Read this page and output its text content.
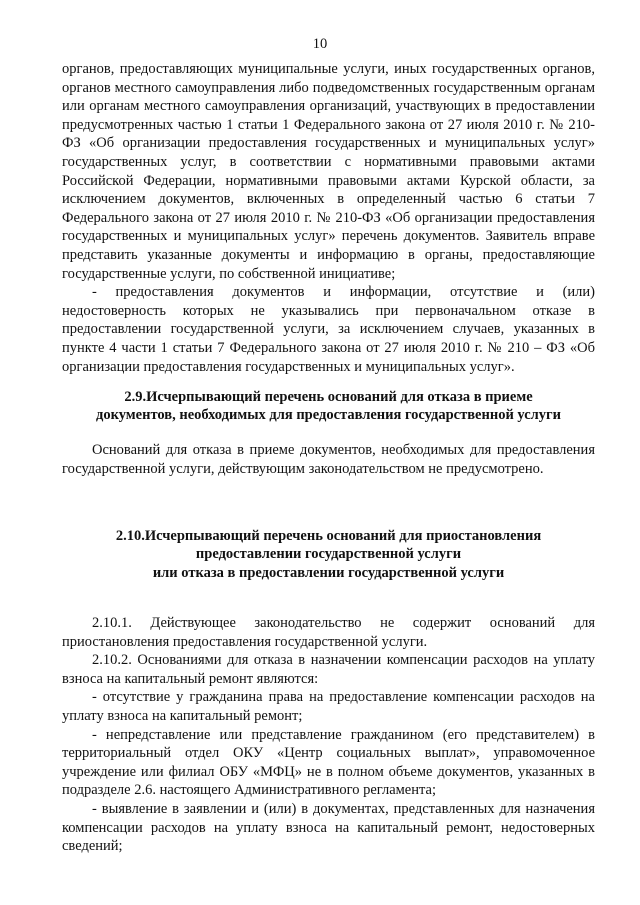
10

органов, предоставляющих муниципальные услуги, иных государственных органов, органов местного самоуправления либо подведомственных государственным органам или органам местного самоуправления организаций, участвующих в предоставлении предусмотренных частью 1 статьи 1 Федерального закона от 27 июля 2010 г. № 210-ФЗ «Об организации предоставления государственных и муниципальных услуг» государственных услуг, в соответствии с нормативными правовыми актами Российской Федерации, нормативными правовыми актами Курской области, за исключением документов, включенных в определенный частью 6 статьи 7 Федерального закона от 27 июля 2010 г. № 210-ФЗ «Об организации предоставления государственных и муниципальных услуг» перечень документов. Заявитель вправе представить указанные документы и информацию в органы, предоставляющие государственные услуги, по собственной инициативе;

- предоставления документов и информации, отсутствие и (или) недостоверность которых не указывались при первоначальном отказе в предоставлении государственной услуги, за исключением случаев, указанных в пункте 4 части 1 статьи 7 Федерального закона от 27 июля 2010 г. № 210 – ФЗ «Об организации предоставления государственных и муниципальных услуг».

2.9.Исчерпывающий перечень оснований для отказа в приеме
документов, необходимых для предоставления государственной услуги

Оснований для отказа в приеме документов, необходимых для предоставления государственной услуги, действующим законодательством не предусмотрено.

2.10.Исчерпывающий перечень оснований для приостановления
предоставлении государственной услуги
или отказа в предоставлении государственной услуги

2.10.1. Действующее законодательство не содержит оснований для приостановления предоставления государственной услуги.

2.10.2. Основаниями для отказа в назначении компенсации расходов на уплату взноса на капитальный ремонт являются:

- отсутствие у гражданина права на предоставление компенсации расходов на уплату взноса на капитальный ремонт;

- непредставление или представление гражданином (его представителем) в территориальный отдел ОКУ «Центр социальных выплат», управомоченное учреждение или филиал ОБУ «МФЦ» не в полном объеме документов, указанных в подразделе 2.6. настоящего Административного регламента;

- выявление в заявлении и (или) в документах, представленных для назначения компенсации расходов на уплату взноса на капитальный ремонт, недостоверных сведений;
